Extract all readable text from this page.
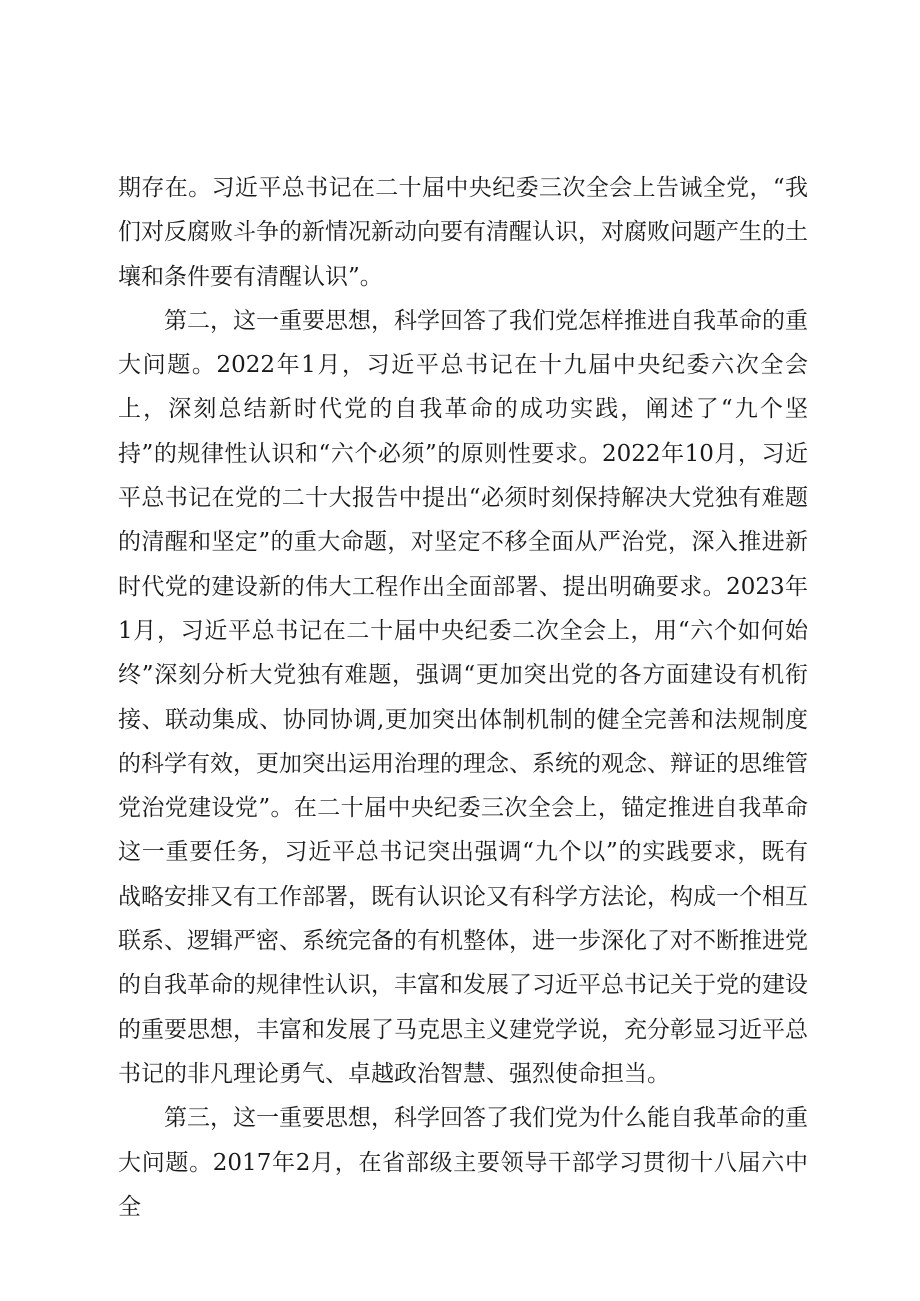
期存在。习近平总书记在二十届中央纪委三次全会上告诫全党，“我们对反腐败斗争的新情况新动向要有清醒认识，对腐败问题产生的土壤和条件要有清醒认识”。

第二，这一重要思想，科学回答了我们党怎样推进自我革命的重大问题。2022年1月，习近平总书记在十九届中央纪委六次全会上，深刻总结新时代党的自我革命的成功实践，阐述了“九个坚持”的规律性认识和“六个必须”的原则性要求。2022年10月，习近平总书记在党的二十大报告中提出“必须时刻保持解决大党独有难题的清醒和坚定”的重大命题，对坚定不移全面从严治党，深入推进新时代党的建设新的伟大工程作出全面部署、提出明确要求。2023年1月，习近平总书记在二十届中央纪委二次全会上，用“六个如何始终”深刻分析大党独有难题，强调“更加突出党的各方面建设有机衔接、联动集成、协同协调,更加突出体制机制的健全完善和法规制度的科学有效，更加突出运用治理的理念、系统的观念、辩证的思维管党治党建设党”。在二十届中央纪委三次全会上，锚定推进自我革命这一重要任务，习近平总书记突出强调“九个以”的实践要求，既有战略安排又有工作部署，既有认识论又有科学方法论，构成一个相互联系、逻辑严密、系统完备的有机整体，进一步深化了对不断推进党的自我革命的规律性认识，丰富和发展了习近平总书记关于党的建设的重要思想，丰富和发展了马克思主义建党学说，充分彰显习近平总书记的非凡理论勇气、卓越政治智慧、强烈使命担当。

第三，这一重要思想，科学回答了我们党为什么能自我革命的重大问题。2017年2月，在省部级主要领导干部学习贯彻十八届六中全
